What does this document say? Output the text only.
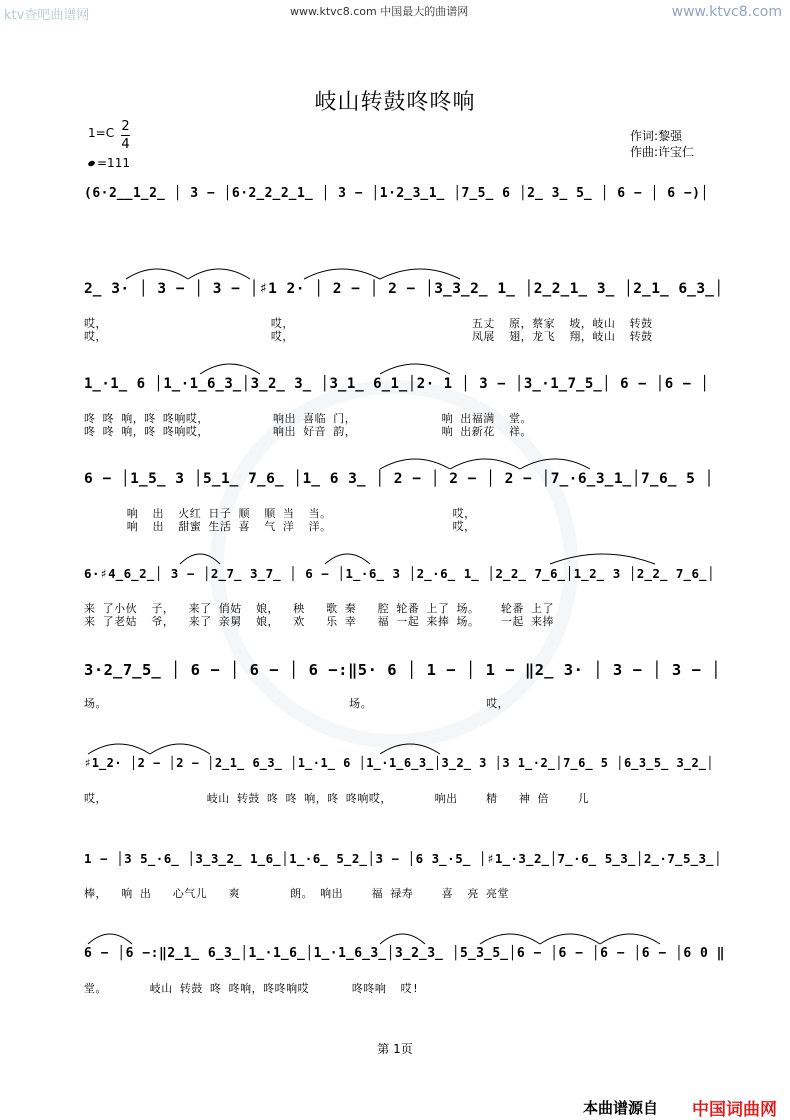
ktv查吧曲谱网	www.ktvc8.com 中国最大的曲谱网	www.ktvc8.com
岐山转鼓咚咚响
1=C 2
4
=111
作词:黎强
作曲:许宝仁
(6·2̲̲1̲2̲ │ 3 − │6·2̲2̲2̲1̲ │ 3 − │1·2̲3̲1̲ │7̲5̲ 6 │2̲ 3̲ 5̲ │ 6 − │ 6 −)│
2̲ 3· │ 3 − │ 3 − │♯1 2· │ 2 − │ 2 − │3̲3̲2̲ 1̲ │2̲2̲1̲ 3̲ │2̲1̲ 6̲3̲│
哎，                       哎，                         五丈  原，蔡家  坡，岐山  转鼓
哎，                       哎，                         凤展  翅，龙飞  翔，岐山  转鼓
1̲·1̲ 6 │1̲·1̲6̲3̲│3̲2̲ 3̲ │3̲1̲ 6̲1̲│2· 1 │ 3 − │3̲·1̲7̲5̲│ 6 − │6 − │
咚 咚 响，咚 咚响哎，         响出 喜临 门，            响 出福满  堂。
咚 咚 响，咚 咚响哎，         响出 好音 韵，            响 出新花  祥。
6 − │1̲5̲ 3 │5̲1̲ 7̲6̲ │1̲ 6 3̲ │ 2 − │ 2 − │ 2 − │7̲·6̲3̲1̲│7̲6̲ 5 │
响  出  火红 日子 顺  顺 当  当。                 哎，
响  出  甜蜜 生活 喜  气 洋  洋。                 哎，
6·♯4̲6̲2̲│ 3 − │2̲7̲ 3̲7̲ │ 6 − │1̲·6̲ 3 │2̲·6̲ 1̲ │2̲2̲ 7̲6̲│1̲2̲ 3 │2̲2̲ 7̲6̲│
来 了小伙  子，  来了 俏姑  娘，  秧   歌 秦   腔 轮番 上了 场。   轮番 上了
来 了老姑  爷，  来了 亲舅  娘，  欢   乐 幸   福 一起 来捧 场。   一起 来捧
3·2̲7̲5̲ │ 6 − │ 6 − │ 6 −:‖5· 6 │ 1 − │ 1 − ‖2̲ 3· │ 3 − │ 3 − │
场。                                  场。                哎，
♯1̲2· │2 − │2 − │2̲1̲ 6̲3̲ │1̲·1̲ 6 │1̲·1̲6̲3̲│3̲2̲ 3 │3 1̲·2̲│7̲6̲ 5 │6̲3̲5̲ 3̲2̲│
哎，              岐山 转鼓 咚 咚 响，咚 咚响哎，      响出    精   神 倍    儿
1 − │3 5̲·6̲ │3̲3̲2̲ 1̲6̲│1̲·6̲ 5̲2̲│3 − │6 3̲·5̲ │♯1̲·3̲2̲│7̲·6̲ 5̲3̲│2̲·7̲5̲3̲│
棒，  响 出   心气儿   爽       朗。 响出    福 禄寿    喜  亮 亮堂
6 − │6 −:‖2̲1̲ 6̲3̲│1̲·1̲6̲│1̲·1̲6̲3̲│3̲2̲3̲ │5̲3̲5̲│6 − │6 − │6 − │6 − │6 0 ‖
堂。      岐山 转鼓 咚 咚响，咚咚响哎      咚咚响  哎!
第 1页
本曲谱源自 中国词曲网
